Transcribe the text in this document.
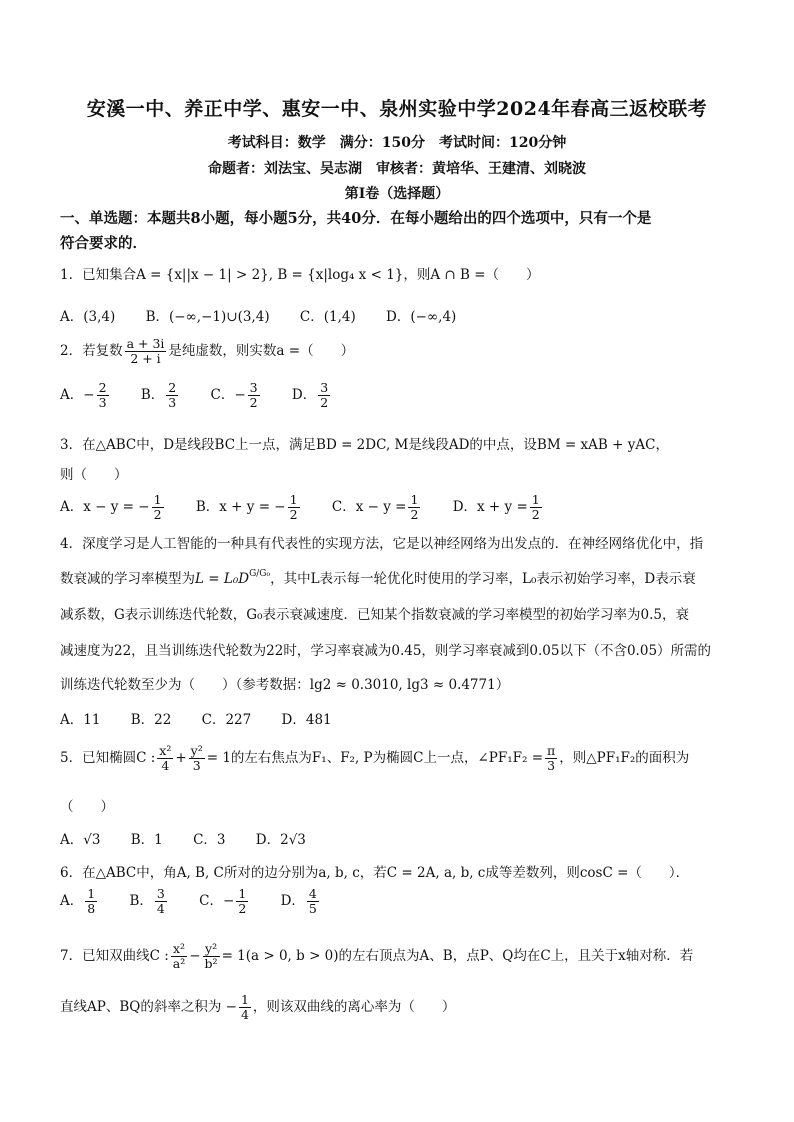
安溪一中、养正中学、惠安一中、泉州实验中学2024年春高三返校联考
考试科目：数学　满分：150分　考试时间：120分钟
命题者：刘法宝、吴志湖　审核者：黄培华、王建清、刘晓波
第Ⅰ卷（选择题）
一、单选题：本题共8小题，每小题5分，共40分．在每小题给出的四个选项中，只有一个是
符合要求的．
1．已知集合A = {x||x − 1| > 2}, B = {x|log₄ x < 1}，则A ∩ B =（　　）
A．(3,4) B．(−∞,−1)∪(3,4) C．(1,4) D．(−∞,4)
2．若复数 $\frac{a + 3i}{2 + i}$ 是纯虚数，则实数a =（　　）
A．− $\frac{2}{3}$ B． $\frac{2}{3}$ C．− $\frac{3}{2}$ D． $\frac{3}{2}$
3．在△ABC中，D是线段BC上一点，满足BD = 2DC, M是线段AD的中点，设BM = xAB + yAC，
则（　　）
A．x − y = − $\frac{1}{2}$ B．x + y = − $\frac{1}{2}$ C．$x - y = \frac{1}{2}$ D．$x + y = \frac{1}{2}$
4．深度学习是人工智能的一种具有代表性的实现方法，它是以神经网络为出发点的．在神经网络优化中，指
数衰减的学习率模型为$L = L_0D^{G/G_0}$，其中L表示每一轮优化时使用的学习率，L₀表示初始学习率，D表示衰
减系数，G表示训练迭代轮数，G₀表示衰减速度．已知某个指数衰减的学习率模型的初始学习率为0.5，衰
减速度为22，且当训练迭代轮数为22时，学习率衰减为0.45，则学习率衰减到0.05以下（不含0.05）所需的
训练迭代轮数至少为（　　）（参考数据：lg2 ≈ 0.3010, lg3 ≈ 0.4771）
A．11 B．22 C．227 D．481
5．已知椭圆C : $\frac{\text{x²}}{4} + \frac{\text{y²}}{3} = 1$的左右焦点为F₁、F₂, P为椭圆C上一点，∠PF₁F₂ = $\frac{\pi}{3}$ ，则△PF₁F₂的面积为
（　　）
A．√3 B．1 C．3 D．2√3
6．在△ABC中，角A, B, C所对的边分别为a, b, c，若C = 2A, a, b, c成等差数列，则cosC =（　　）．
A． $\frac{1}{8}$ B． $\frac{3}{4}$ C．− $\frac{1}{2}$ D． $\frac{4}{5}$
7．已知双曲线C : $\frac{\text{x²}}{\text{a²}} - \frac{\text{y²}}{\text{b²}} = 1(a > 0$, b > 0)的左右顶点为A、B，点P、Q均在C上，且关于x轴对称．若
直线AP、BQ的斜率之积为 − $\frac{1}{4}$ ，则该双曲线的离心率为（　　）
